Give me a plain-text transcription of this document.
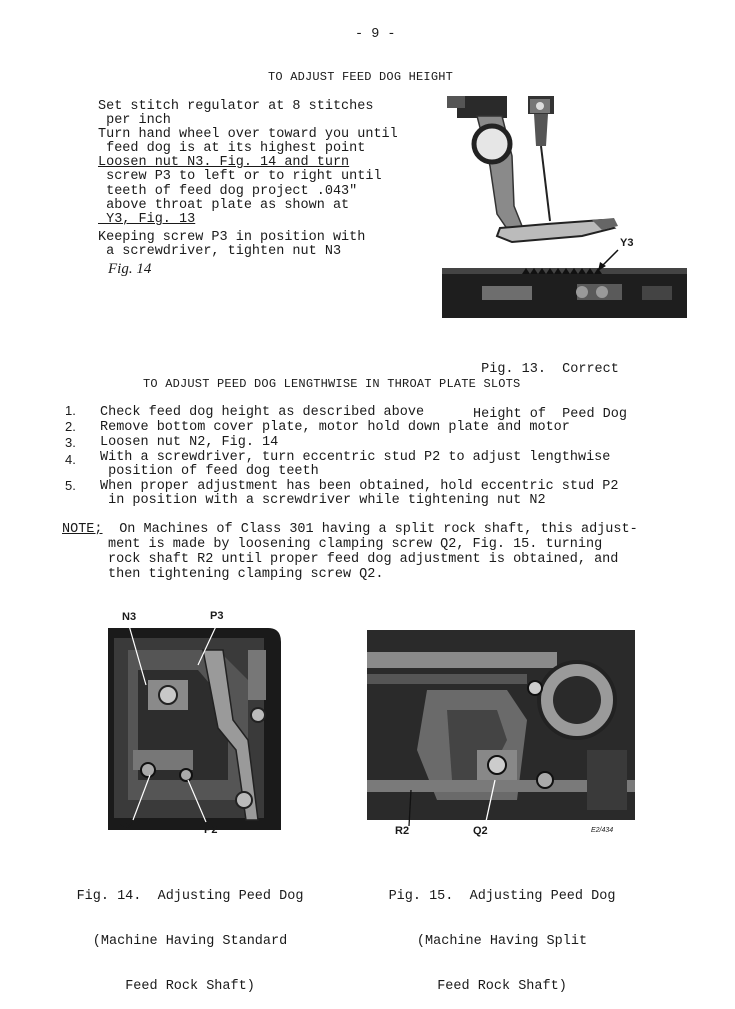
- 9 -
TO ADJUST FEED DOG HEIGHT
Set stitch regulator at 8 stitches
per inch
Turn hand wheel over toward you until
feed dog is at its highest point
Loosen nut N3. Fig. 14 and turn
screw P3 to left or to right until
teeth of feed dog project .043"
above throat plate as shown at
Y3, Fig. 13
Keeping screw P3 in position with
a screwdriver, tighten nut N3
Fig. 14
Y3

Pig. 13.  Correct

Height of  Peed Dog

TO ADJUST PEED DOG LENGTHWISE IN THROAT PLATE SLOTS
1. Check feed dog height as described above
2. Remove bottom cover plate, motor hold down plate and motor
3. Loosen nut N2, Fig. 14
4. With a screwdriver, turn eccentric stud P2 to adjust lengthwise
position of feed dog teeth
5. When proper adjustment has been obtained, hold eccentric stud P2
in position with a screwdriver while tightening nut N2
NOTE; On Machines of Class 301 having a split rock shaft, this adjust-
ment is made by loosening clamping screw Q2, Fig. 15. turning
rock shaft R2 until proper feed dog adjustment is obtained, and
then tightening clamping screw Q2.
N3	P3
N2	P2

Fig. 14.  Adjusting Peed Dog

(Machine Having Standard

Feed Rock Shaft)

R2	Q2	E2/434

Pig. 15.  Adjusting Peed Dog

(Machine Having Split

Feed Rock Shaft)
